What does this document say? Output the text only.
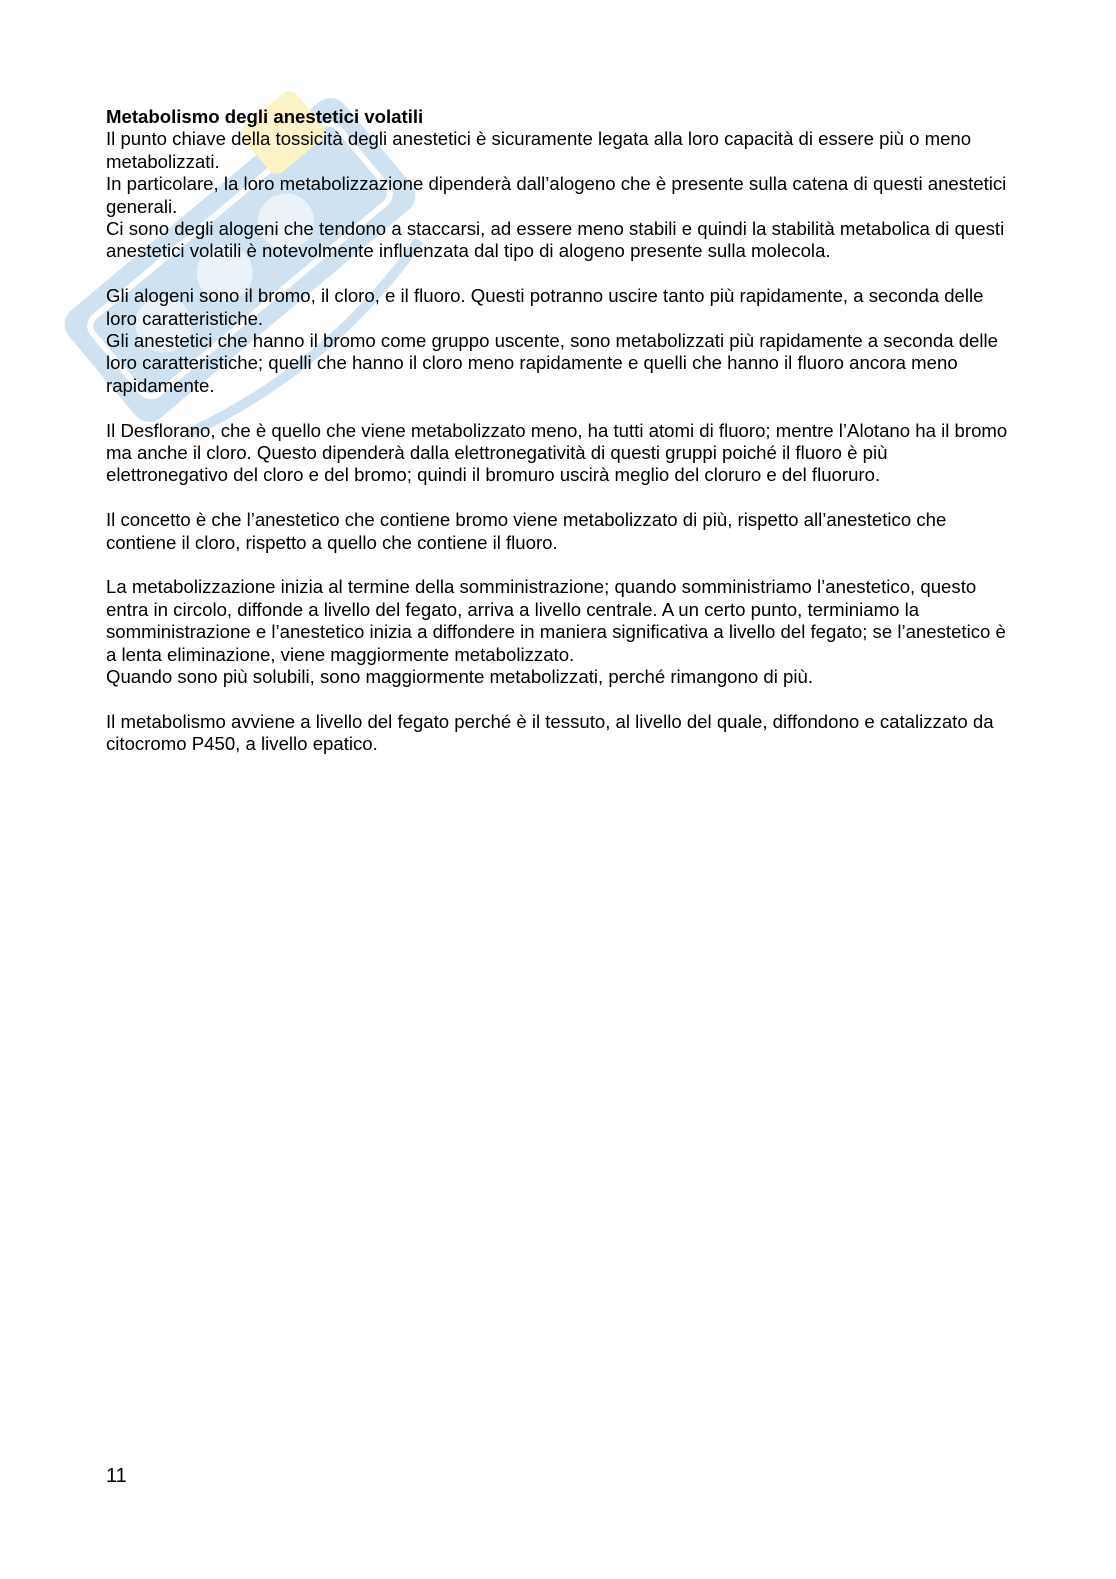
Metabolismo degli anestetici volatili
Il punto chiave della tossicità degli anestetici è sicuramente legata alla loro capacità di essere più o meno metabolizzati.
In particolare, la loro metabolizzazione dipenderà dall’alogeno che è presente sulla catena di questi anestetici generali.
Ci sono degli alogeni che tendono a staccarsi, ad essere meno stabili e quindi la stabilità metabolica di questi anestetici volatili è notevolmente influenzata dal tipo di alogeno presente sulla molecola.

Gli alogeni sono il bromo, il cloro, e il fluoro. Questi potranno uscire tanto più rapidamente, a seconda delle loro caratteristiche.
Gli anestetici che hanno il bromo come gruppo uscente, sono metabolizzati più rapidamente a seconda delle loro caratteristiche; quelli che hanno il cloro meno rapidamente e quelli che hanno il fluoro ancora meno rapidamente.

Il Desflorano, che è quello che viene metabolizzato meno, ha tutti atomi di fluoro; mentre l’Alotano ha il bromo ma anche il cloro. Questo dipenderà dalla elettronegatività di questi gruppi poiché il fluoro è più elettronegativo del cloro e del bromo; quindi il bromuro uscirà meglio del cloruro e del fluoruro.

Il concetto è che l’anestetico che contiene bromo viene metabolizzato di più, rispetto all’anestetico che contiene il cloro, rispetto a quello che contiene il fluoro.

La metabolizzazione inizia al termine della somministrazione; quando somministriamo l’anestetico, questo entra in circolo, diffonde a livello del fegato, arriva a livello centrale. A un certo punto, terminiamo la somministrazione e l’anestetico inizia a diffondere in maniera significativa a livello del fegato; se l’anestetico è a lenta eliminazione, viene maggiormente metabolizzato.
Quando sono più solubili, sono maggiormente metabolizzati, perché rimangono di più.

Il metabolismo avviene a livello del fegato perché è il tessuto, al livello del quale, diffondono e catalizzato da citocromo P450, a livello epatico.

11
